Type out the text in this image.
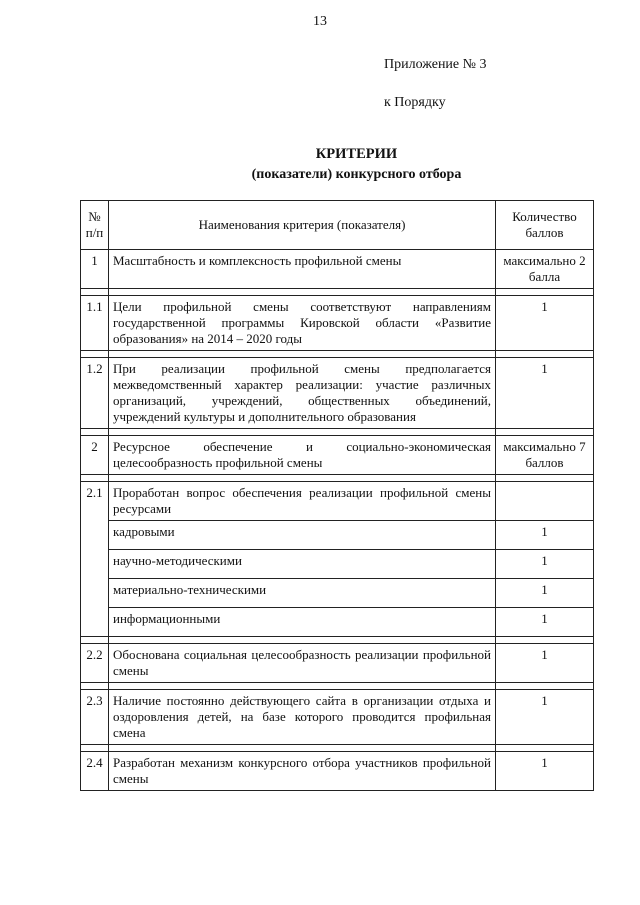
13
Приложение № 3
к Порядку
КРИТЕРИИ
(показатели) конкурсного отбора
№ п/п	Наименования критерия (показателя)	Количество баллов
1	Масштабность и комплексность профильной смены	максимально 2 балла

1.1	Цели профильной смены соответствуют направлениям государственной программы Кировской области «Развитие образования» на 2014 – 2020 годы	1

1.2	При реализации профильной смены предполагается межведомственный характер реализации: участие различных организаций, учреждений, общественных объединений, учреждений культуры и дополнительного образования	1

2	Ресурсное обеспечение и социально-экономическая целесообразность профильной смены	максимально 7 баллов

2.1	Проработан вопрос обеспечения реализации профильной смены ресурсами	
	кадровыми	1
	научно-методическими	1
	материально-техническими	1
	информационными	1

2.2	Обоснована социальная целесообразность реализации профильной смены	1

2.3	Наличие постоянно действующего сайта в организации отдыха и оздоровления детей, на базе которого проводится профильная смена	1

2.4	Разработан механизм конкурсного отбора участников профильной смены	1
